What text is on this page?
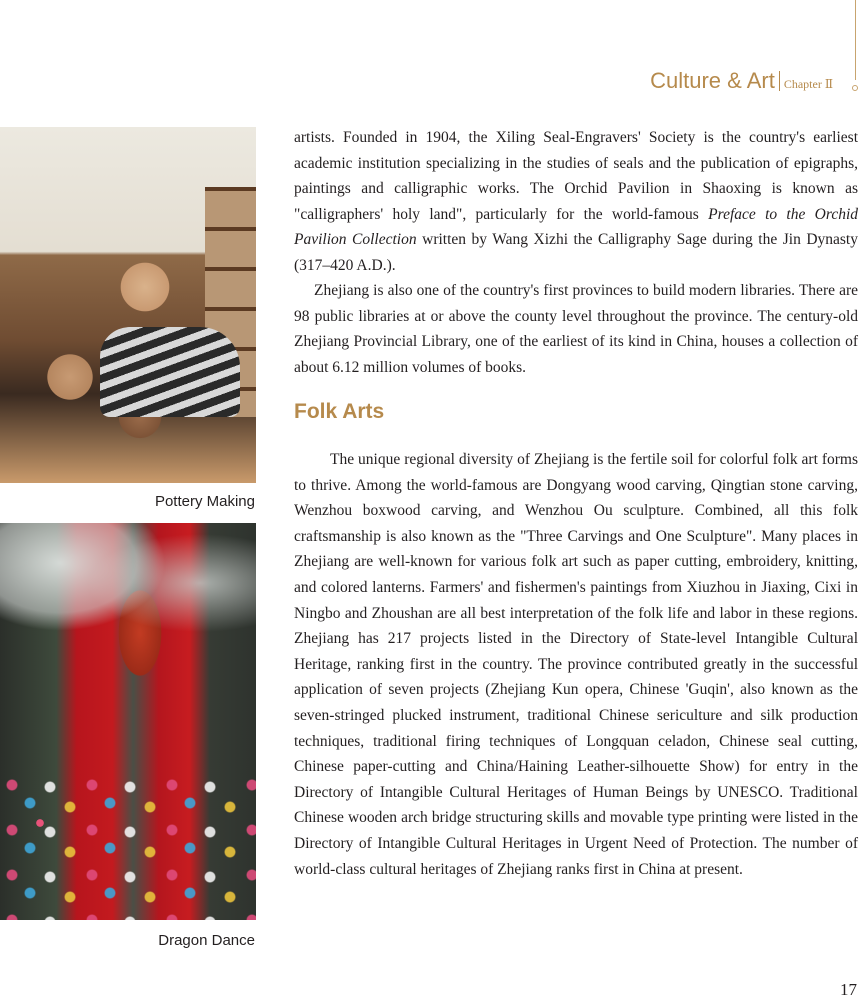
Culture & Art Chapter Ⅱ
Pottery Making
Dragon Dance

artists. Founded in 1904, the Xiling Seal-Engravers' Society is the country's earliest academic institution specializing in the studies of seals and the publication of epigraphs, paintings and calligraphic works. The Orchid Pavilion in Shaoxing is known as "calligraphers' holy land", particularly for the world-famous Preface to the Orchid Pavilion Collection written by Wang Xizhi the Calligraphy Sage during the Jin Dynasty (317–420 A.D.).

Zhejiang is also one of the country's first provinces to build modern libraries. There are 98 public libraries at or above the county level throughout the province. The century-old Zhejiang Provincial Library, one of the earliest of its kind in China, houses a collection of about 6.12 million volumes of books.

Folk Arts

The unique regional diversity of Zhejiang is the fertile soil for colorful folk art forms to thrive. Among the world-famous are Dongyang wood carving, Qingtian stone carving, Wenzhou boxwood carving, and Wenzhou Ou sculpture. Combined, all this folk craftsmanship is also known as the "Three Carvings and One Sculpture". Many places in Zhejiang are well-known for various folk art such as paper cutting, embroidery, knitting, and colored lanterns. Farmers' and fishermen's paintings from Xiuzhou in Jiaxing, Cixi in Ningbo and Zhoushan are all best interpretation of the folk life and labor in these regions. Zhejiang has 217 projects listed in the Directory of State-level Intangible Cultural Heritage, ranking first in the country. The province contributed greatly in the successful application of seven projects (Zhejiang Kun opera, Chinese 'Guqin', also known as the seven-stringed plucked instrument, traditional Chinese sericulture and silk production techniques, traditional firing techniques of Longquan celadon, Chinese seal cutting, Chinese paper-cutting and China/Haining Leather-silhouette Show) for entry in the Directory of Intangible Cultural Heritages of Human Beings by UNESCO. Traditional Chinese wooden arch bridge structuring skills and movable type printing were listed in the Directory of Intangible Cultural Heritages in Urgent Need of Protection. The number of world-class cultural heritages of Zhejiang ranks first in China at present.

17
